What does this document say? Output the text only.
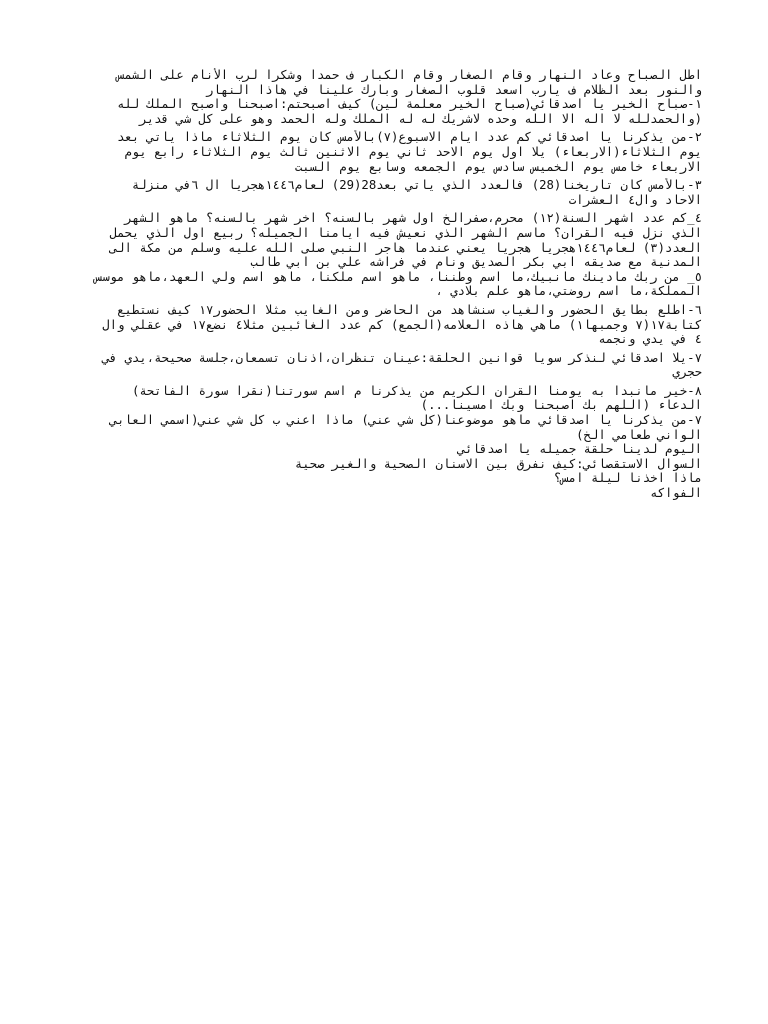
اطل الصباح وعاد النهار وقام الصغار وقام الكبار ف حمدا وشكرا لرب الأنام على الشمس
والنور بعد الظلام ف يارب اسعد قلوب الصغار وبارك علينا في هاذا النهار
١-صباح الخير يا اصدقائي(صباح الخير معلمة لين) كيف اصبحتم:اصبحنا واصبح الملك لله
(والحمدلله لا اله الا الله وحده لاشريك له له الملك وله الحمد وهو على كل شي قدير
٢-من يذكرنا يا اصدقائي كم عدد ايام الاسبوع(٧)بالأمس كان يوم الثلاثاء ماذا ياتي بعد
يوم الثلاثاء(الاربعاء) يلا اول يوم الاحد ثاني يوم الاثنين ثالث يوم الثلاثاء رابع يوم
الاربعاء خامس يوم الخميس سادس يوم الجمعه وسابع يوم السبت
٣-بالأمس كان تاريخنا(28) فالعدد الذي ياتي بعد28(29) لعام١٤٤٦هجريا ال ٦في منزلة
الاحاد وال٤ العشرات
٤_كم عدد اشهر السنة(١٢) محرم،صفرالخ اول شهر بالسنه؟ اخر شهر بالسنه؟ ماهو الشهر
الذي نزل فيه القران؟ ماسم الشهر الذي نعيش فيه ايامنا الجميله؟ ربيع اول الذي يحمل
العدد(٣) لعام١٤٤٦هجريا هجريا يعني عندما هاجر النبي صلى الله عليه وسلم من مكة الى
المدنية مع صديقه ابي بكر الصديق ونام في فراشه علي بن ابي طالب
٥_ من ربك مادينك مانبيك،ما اسم وطننا، ماهو اسم ملكنا، ماهو اسم ولي العهد،ماهو موسس
المملكة،ما اسم روضتي،ماهو علم بلادي ،
٦-اطلع بطايق الحضور والغياب سنشاهد من الحاضر ومن الغايب مثلا الحضور١٧ كيف نستطيع
كتابة١٧(٧ وجمبها١) ماهي هاذه العلامه(الجمع) كم عدد الغائبين مثلا٤ نضع١٧ في عقلي وال
٤ في يدي ونجمه
٧-يلا اصدقائي لنذكر سويا قوانين الحلقة:عينان تنظران،اذنان تسمعان،جلسة صحيحة،يدي في
حجري
٨-خير مانبدا به يومنا القران الكريم من يذكرنا م اسم سورتنا(نقرا سورة الفاتحة)
الدعاء (اللهم بك اصبحنا وبك امسينا...)
٧-من يذكرنا يا اصدقائي ماهو موضوعنا(كل شي عني) ماذا اعني ب كل شي عني(اسمي العابي
الواني طعامي الخ)
اليوم لدينا حلقة جميله يا اصدقائي
السوال الاستقصائي:كيف نفرق بين الاسنان الصحية والغير صحية
ماذا اخذنا ليلة امس؟
الفواكه
